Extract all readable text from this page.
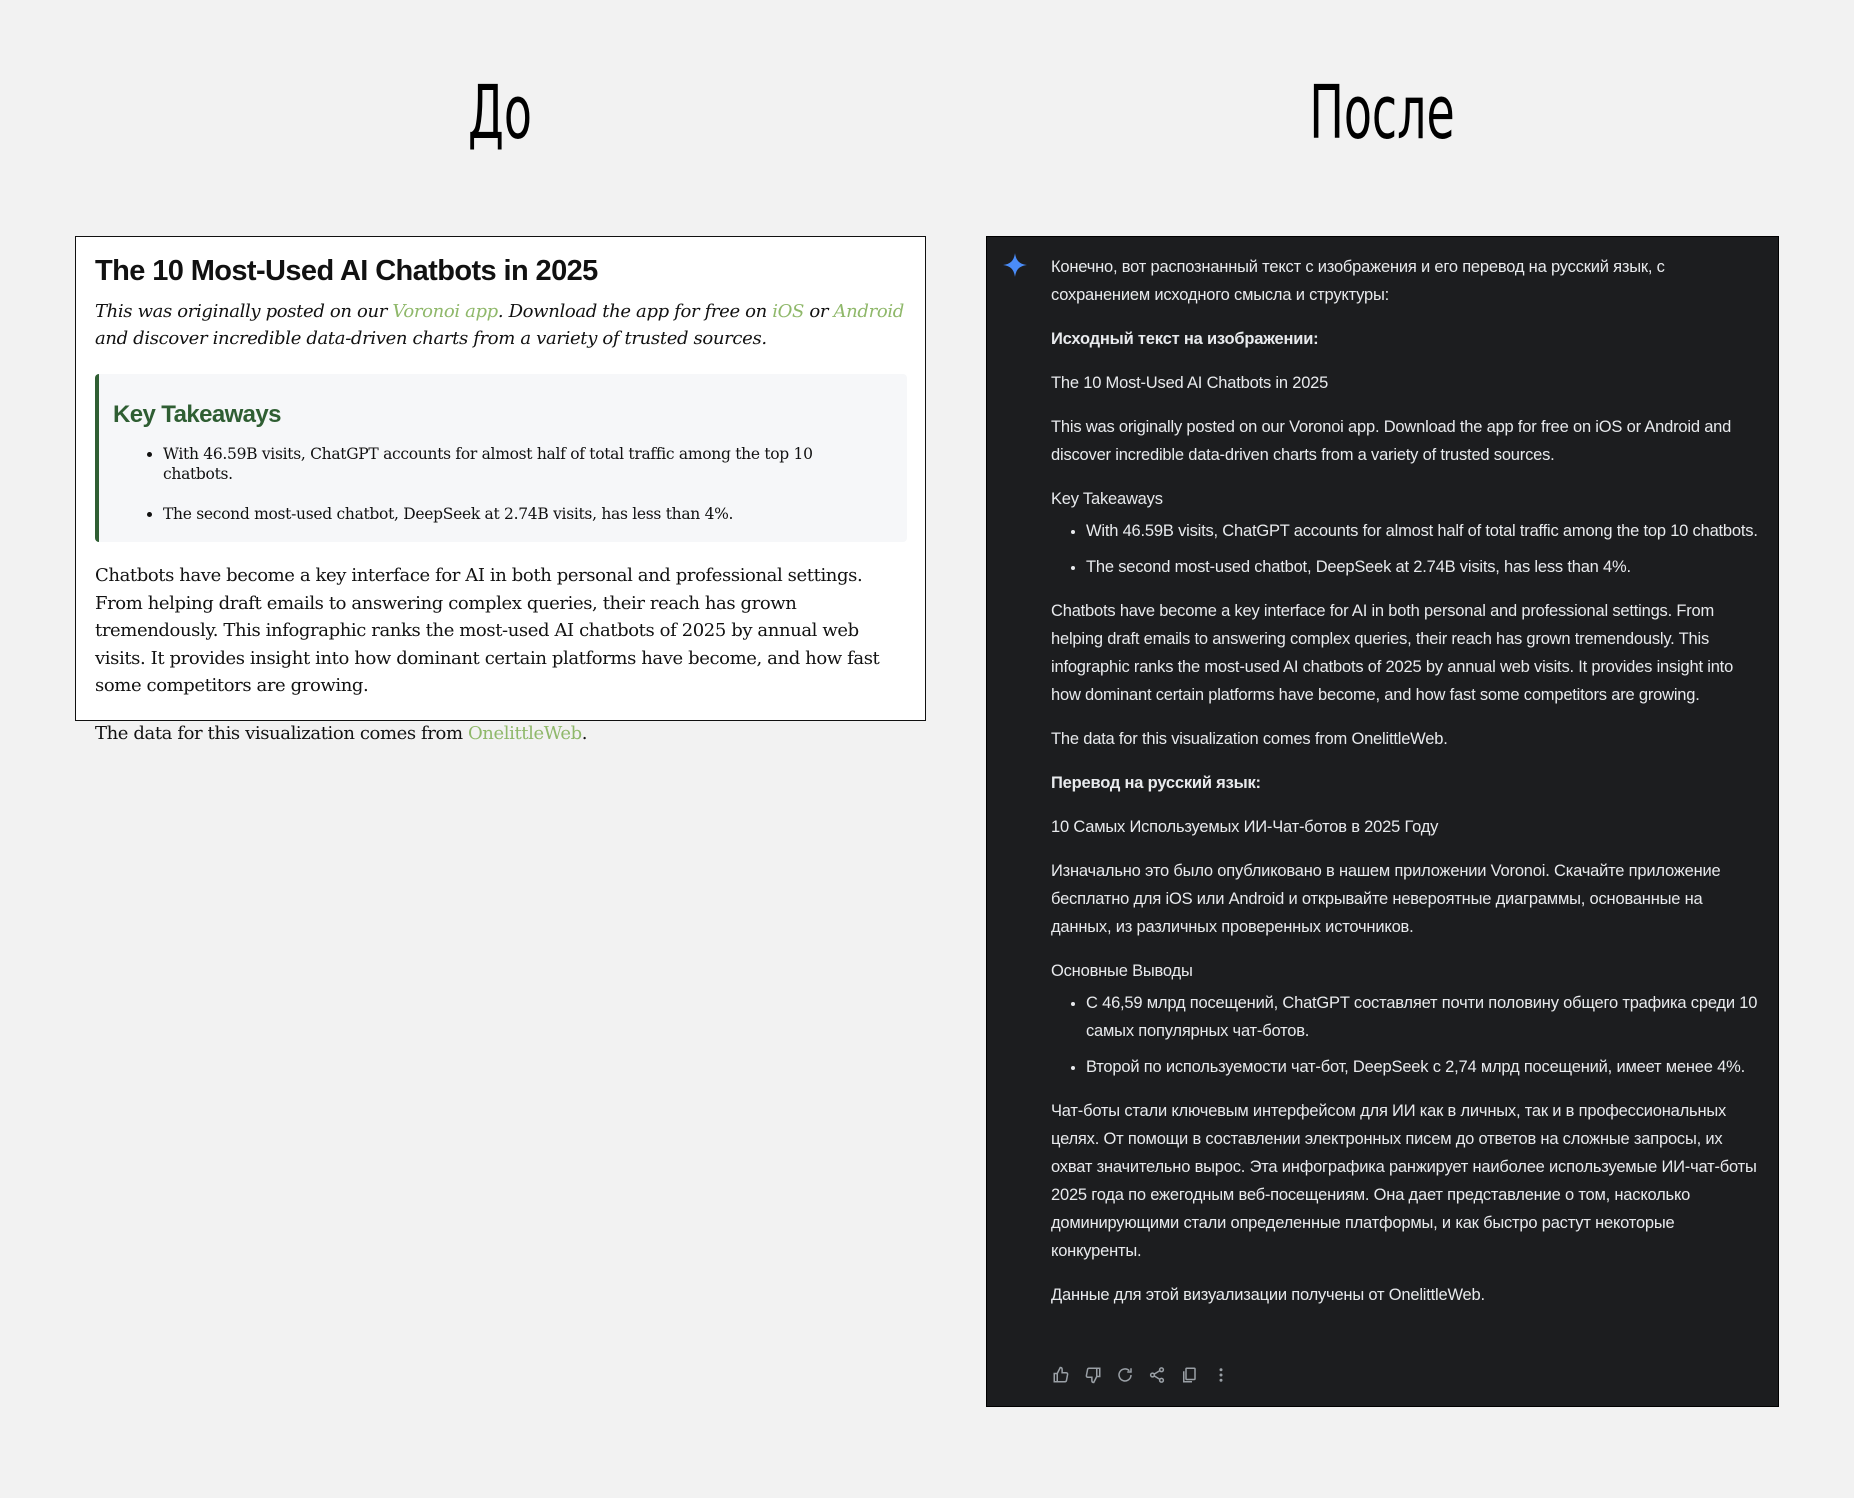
До	После
The 10 Most-Used AI Chatbots in 2025

This was originally posted on our Voronoi app. Download the app for free on iOS or Android and discover incredible data-driven charts from a variety of trusted sources.

Key Takeaways
• With 46.59B visits, ChatGPT accounts for almost half of total traffic among the top 10 chatbots.
• The second most-used chatbot, DeepSeek at 2.74B visits, has less than 4%.

Chatbots have become a key interface for AI in both personal and professional settings. From helping draft emails to answering complex queries, their reach has grown tremendously. This infographic ranks the most-used AI chatbots of 2025 by annual web visits. It provides insight into how dominant certain platforms have become, and how fast some competitors are growing.

The data for this visualization comes from OnelittleWeb.

Конечно, вот распознанный текст с изображения и его перевод на русский язык, с сохранением исходного смысла и структуры:

Исходный текст на изображении:

The 10 Most-Used AI Chatbots in 2025

This was originally posted on our Voronoi app. Download the app for free on iOS or Android and discover incredible data-driven charts from a variety of trusted sources.

Key Takeaways

• With 46.59B visits, ChatGPT accounts for almost half of total traffic among the top 10 chatbots.
• The second most-used chatbot, DeepSeek at 2.74B visits, has less than 4%.

Chatbots have become a key interface for AI in both personal and professional settings. From helping draft emails to answering complex queries, their reach has grown tremendously. This infographic ranks the most-used AI chatbots of 2025 by annual web visits. It provides insight into how dominant certain platforms have become, and how fast some competitors are growing.

The data for this visualization comes from OnelittleWeb.

Перевод на русский язык:

10 Самых Используемых ИИ-Чат-ботов в 2025 Году

Изначально это было опубликовано в нашем приложении Voronoi. Скачайте приложение бесплатно для iOS или Android и открывайте невероятные диаграммы, основанные на данных, из различных проверенных источников.

Основные Выводы

• С 46,59 млрд посещений, ChatGPT составляет почти половину общего трафика среди 10 самых популярных чат-ботов.
• Второй по используемости чат-бот, DeepSeek с 2,74 млрд посещений, имеет менее 4%.

Чат-боты стали ключевым интерфейсом для ИИ как в личных, так и в профессиональных целях. От помощи в составлении электронных писем до ответов на сложные запросы, их охват значительно вырос. Эта инфографика ранжирует наиболее используемые ИИ-чат-боты 2025 года по ежегодным веб-посещениям. Она дает представление о том, насколько доминирующими стали определенные платформы, и как быстро растут некоторые конкуренты.

Данные для этой визуализации получены от OnelittleWeb.
